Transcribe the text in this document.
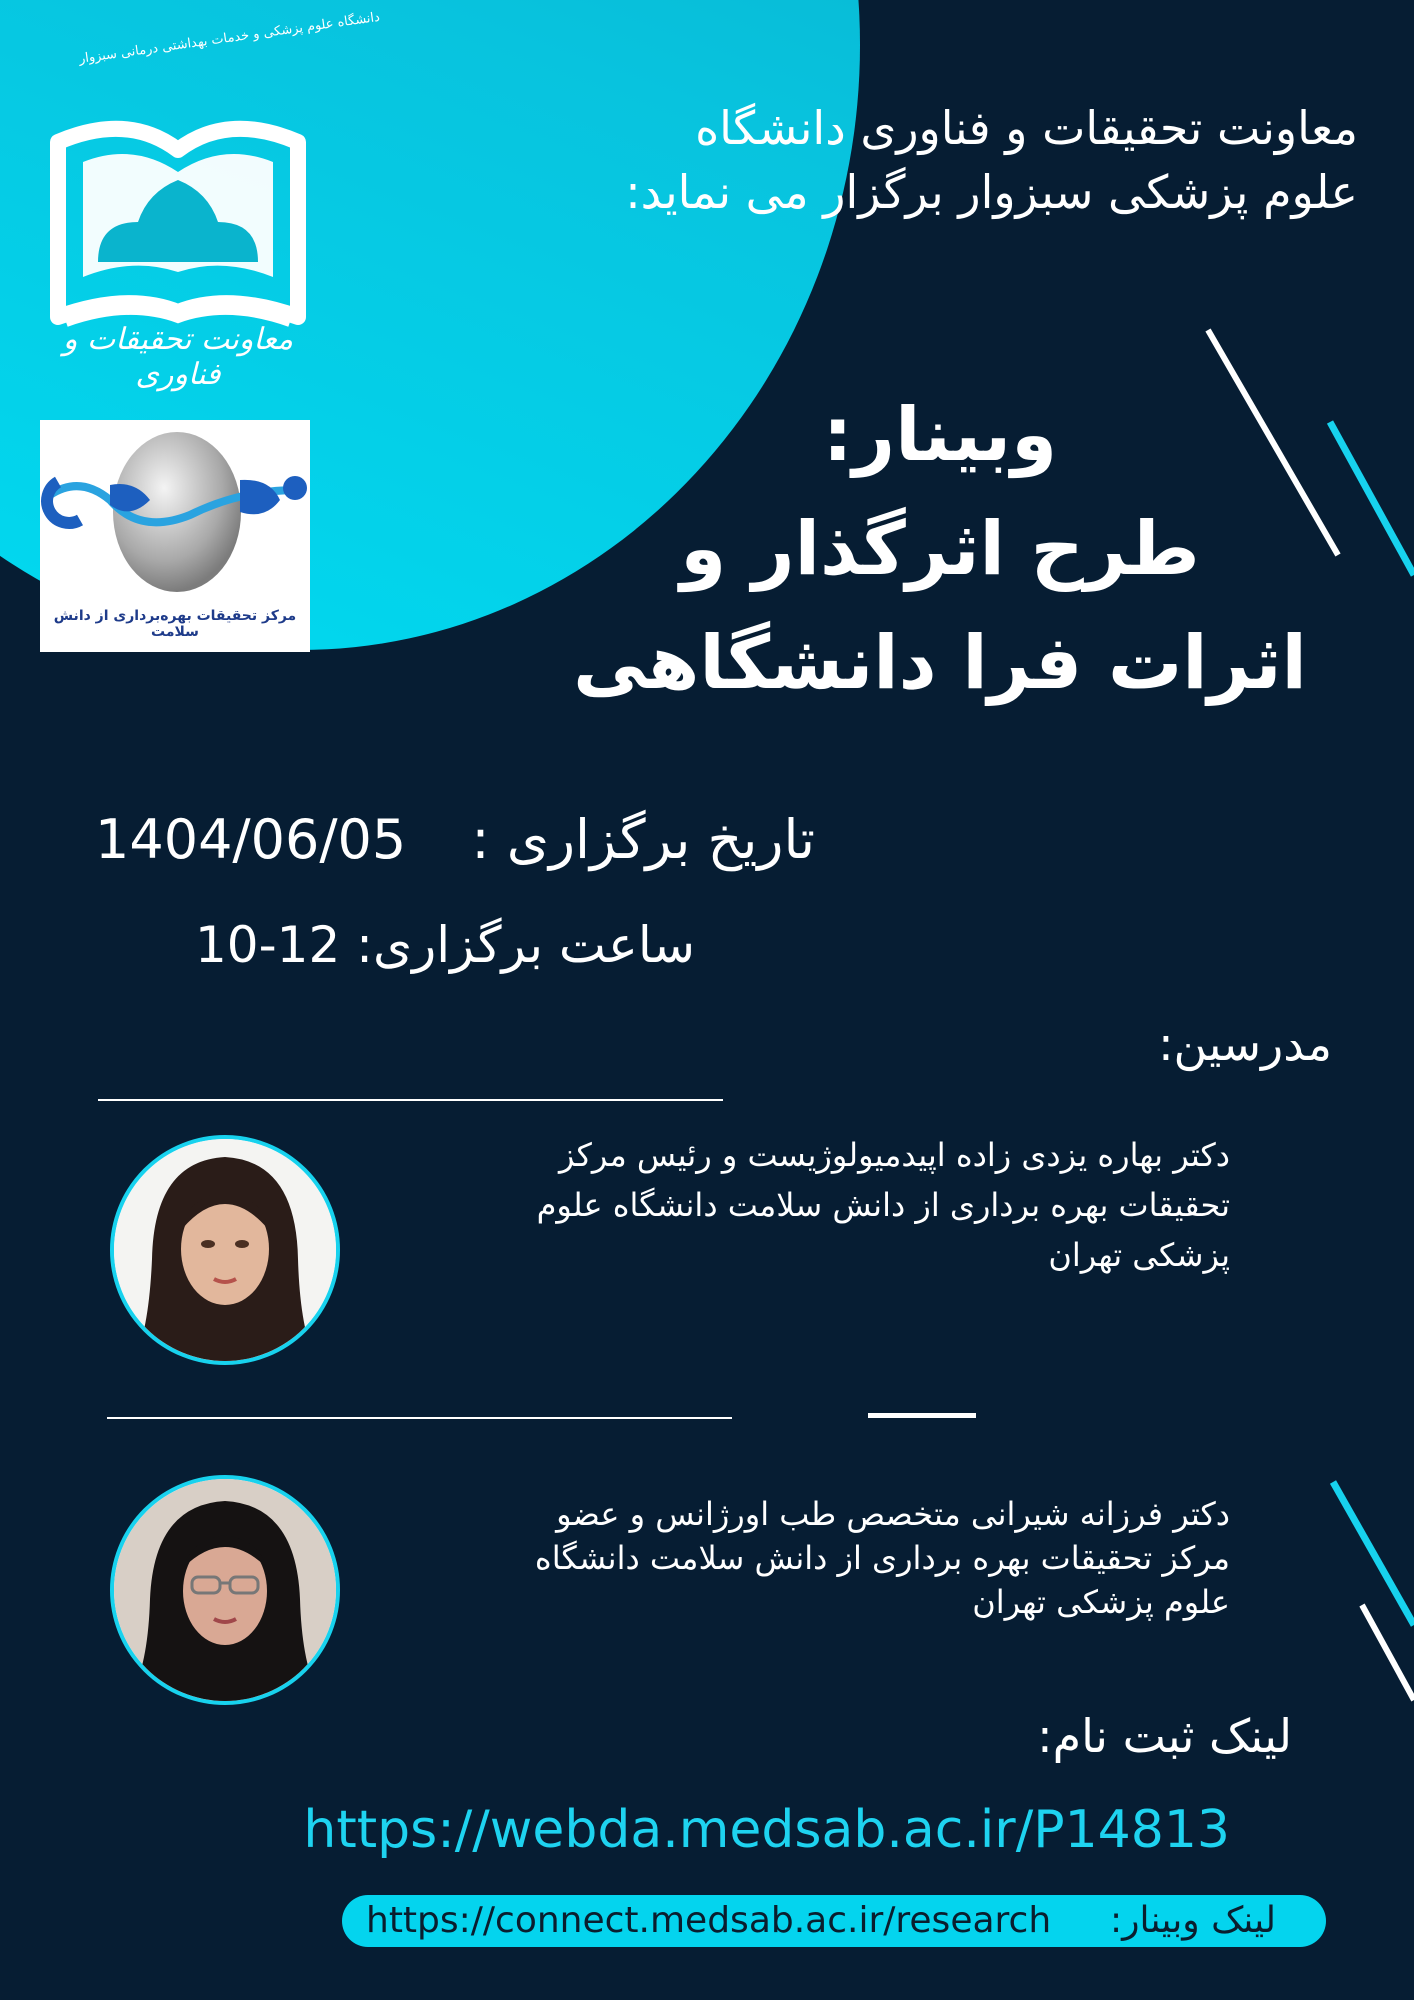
دانشگاه علوم پزشکی و خدمات بهداشتی درمانی سبزوار
معاونت تحقیقات و فناوری
مرکز تحقیقات بهره‌برداری از دانش سلامت
معاونت تحقیقات و فناوری دانشگاه
علوم پزشکی سبزوار برگزار می نماید:
وبینار:
طرح اثرگذار و
اثرات فرا دانشگاهی
1404/06/05 تاریخ برگزاری :
10-12 ساعت برگزاری:
مدرسین:
دکتر بهاره یزدی زاده اپیدمیولوژیست و رئیس مرکز
تحقیقات بهره برداری از دانش سلامت دانشگاه علوم
پزشکی تهران
دکتر فرزانه شیرانی متخصص طب اورژانس و عضو
مرکز تحقیقات بهره برداری از دانش سلامت دانشگاه
علوم پزشکی تهران
لینک ثبت نام:
https://webda.medsab.ac.ir/P14813
https://connect.medsab.ac.ir/research لینک وبینار:
